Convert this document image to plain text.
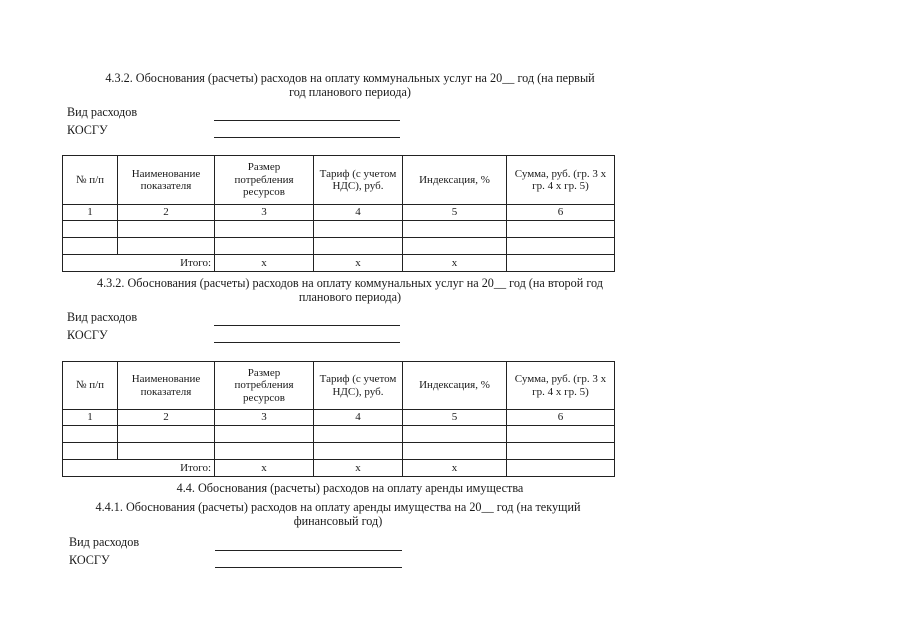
4.3.2. Обоснования (расчеты) расходов на оплату коммунальных услуг на 20__ год (на первый
год планового периода)
Вид расходов
КОСГУ
№ п/п	Наименование показателя	Размер потребления ресурсов	Тариф (с учетом НДС), руб.	Индексация, %	Сумма, руб. (гр. 3 х гр. 4 х гр. 5)
1	2	3	4	5	6

	Итого:	х	х	х	
4.3.2. Обоснования (расчеты) расходов на оплату коммунальных услуг на 20__ год (на второй год
планового периода)
Вид расходов
КОСГУ
№ п/п	Наименование показателя	Размер потребления ресурсов	Тариф (с учетом НДС), руб.	Индексация, %	Сумма, руб. (гр. 3 х гр. 4 х гр. 5)
1	2	3	4	5	6

	Итого:	х	х	х	
4.4. Обоснования (расчеты) расходов на оплату аренды имущества
4.4.1. Обоснования (расчеты) расходов на оплату аренды имущества на 20__ год (на текущий
финансовый год)
Вид расходов
КОСГУ
